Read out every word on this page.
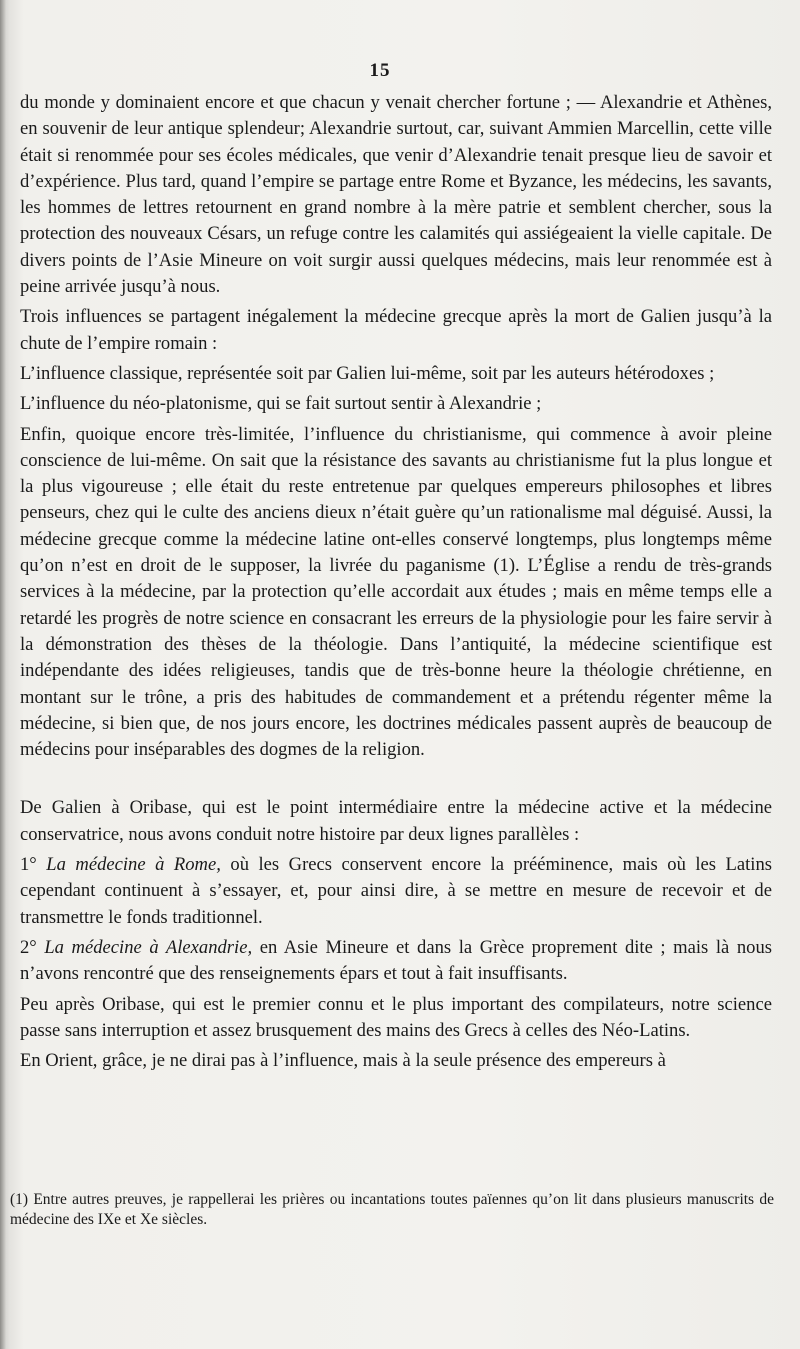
15

du monde y dominaient encore et que chacun y venait chercher fortune ; — Alexandrie et Athènes, en souvenir de leur antique splendeur; Alexandrie surtout, car, suivant Ammien Marcellin, cette ville était si renommée pour ses écoles médicales, que venir d’Alexandrie tenait presque lieu de savoir et d’expérience. Plus tard, quand l’empire se partage entre Rome et Byzance, les médecins, les savants, les hommes de lettres retournent en grand nombre à la mère patrie et semblent chercher, sous la protection des nouveaux Césars, un refuge contre les calamités qui assiégeaient la vielle capitale. De divers points de l’Asie Mineure on voit surgir aussi quelques médecins, mais leur renommée est à peine arrivée jusqu’à nous.

Trois influences se partagent inégalement la médecine grecque après la mort de Galien jusqu’à la chute de l’empire romain :

L’influence classique, représentée soit par Galien lui-même, soit par les auteurs hétérodoxes ;

L’influence du néo-platonisme, qui se fait surtout sentir à Alexandrie ;

Enfin, quoique encore très-limitée, l’influence du christianisme, qui commence à avoir pleine conscience de lui-même. On sait que la résistance des savants au christianisme fut la plus longue et la plus vigoureuse ; elle était du reste entretenue par quelques empereurs philosophes et libres penseurs, chez qui le culte des anciens dieux n’était guère qu’un rationalisme mal déguisé. Aussi, la médecine grecque comme la médecine latine ont-elles conservé longtemps, plus longtemps même qu’on n’est en droit de le supposer, la livrée du paganisme (1). L’Église a rendu de très-grands services à la médecine, par la protection qu’elle accordait aux études ; mais en même temps elle a retardé les progrès de notre science en consacrant les erreurs de la physiologie pour les faire servir à la démonstration des thèses de la théologie. Dans l’antiquité, la médecine scientifique est indépendante des idées religieuses, tandis que de très-bonne heure la théologie chrétienne, en montant sur le trône, a pris des habitudes de commandement et a prétendu régenter même la médecine, si bien que, de nos jours encore, les doctrines médicales passent auprès de beaucoup de médecins pour inséparables des dogmes de la religion.

De Galien à Oribase, qui est le point intermédiaire entre la médecine active et la médecine conservatrice, nous avons conduit notre histoire par deux lignes parallèles :

1° La médecine à Rome, où les Grecs conservent encore la prééminence, mais où les Latins cependant continuent à s’essayer, et, pour ainsi dire, à se mettre en mesure de recevoir et de transmettre le fonds traditionnel.

2° La médecine à Alexandrie, en Asie Mineure et dans la Grèce proprement dite ; mais là nous n’avons rencontré que des renseignements épars et tout à fait insuffisants.

Peu après Oribase, qui est le premier connu et le plus important des compilateurs, notre science passe sans interruption et assez brusquement des mains des Grecs à celles des Néo-Latins.

En Orient, grâce, je ne dirai pas à l’influence, mais à la seule présence des empereurs à

(1) Entre autres preuves, je rappellerai les prières ou incantations toutes païennes qu’on lit dans plusieurs manuscrits de médecine des IXe et Xe siècles.
